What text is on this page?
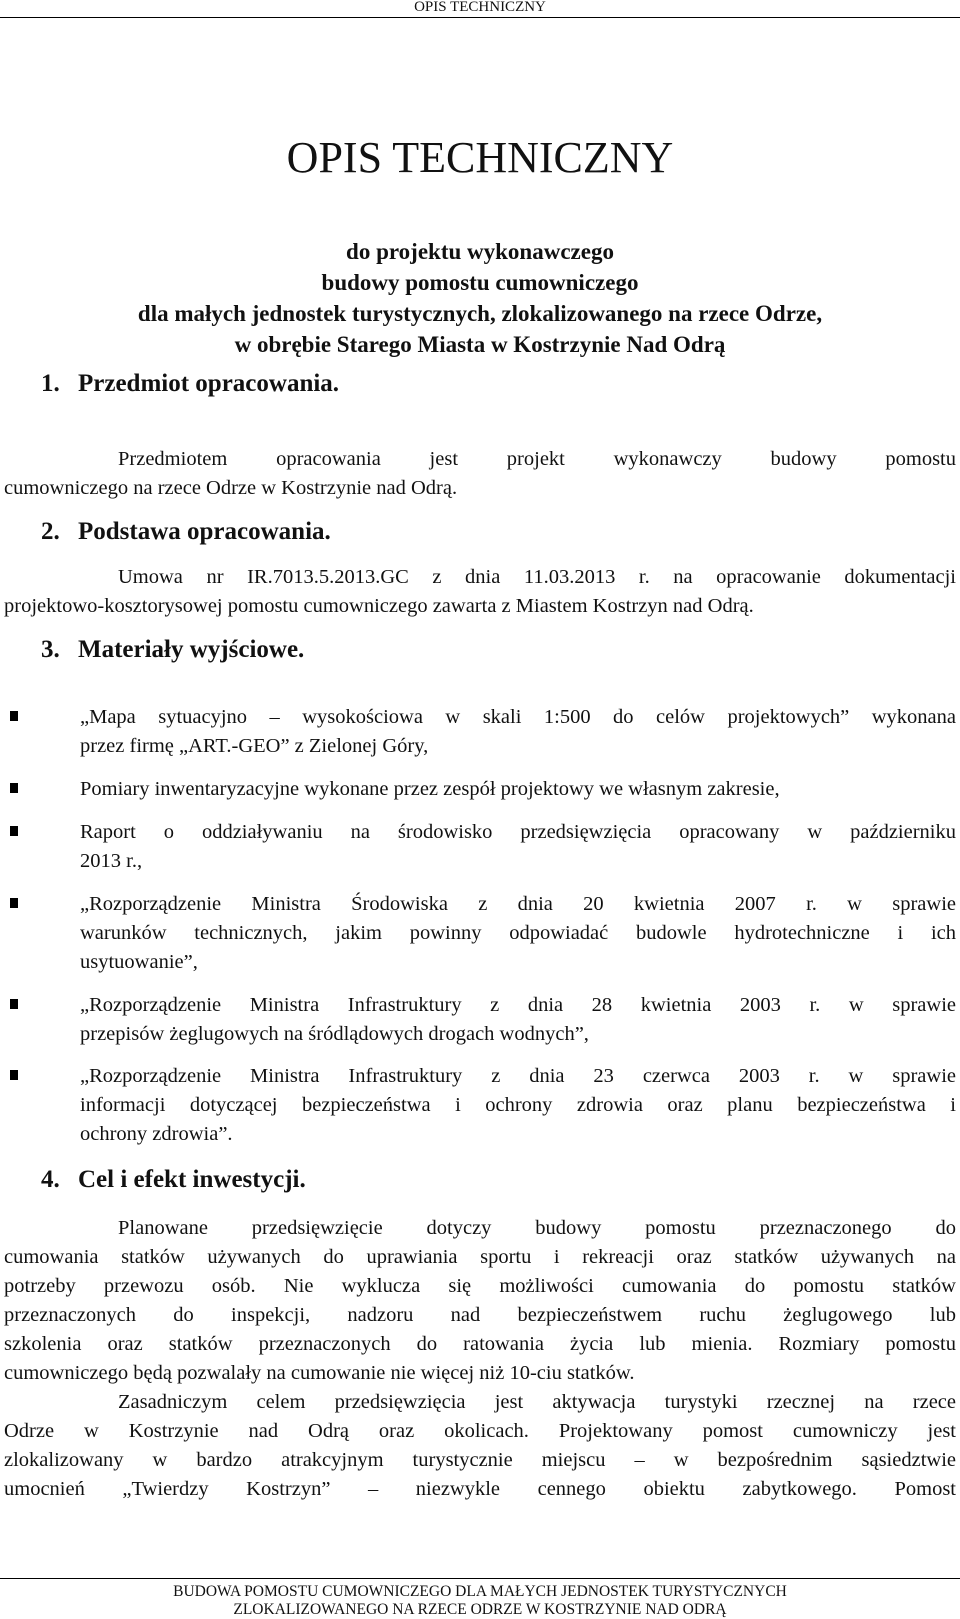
OPIS TECHNICZNY
OPIS TECHNICZNY
do projektu wykonawczego
budowy pomostu cumowniczego
dla małych jednostek turystycznych, zlokalizowanego na rzece Odrze,
w obrębie Starego Miasta w Kostrzynie Nad Odrą
1. Przedmiot opracowania.
Przedmiotem opracowania jest projekt wykonawczy budowy pomostu
cumowniczego na rzece Odrze w Kostrzynie nad Odrą.
2. Podstawa opracowania.
Umowa nr IR.7013.5.2013.GC z dnia 11.03.2013 r. na opracowanie dokumentacji
projektowo-kosztorysowej pomostu cumowniczego zawarta z Miastem Kostrzyn nad Odrą.
3. Materiały wyjściowe.
„Mapa sytuacyjno – wysokościowa w skali 1:500 do celów projektowych” wykonana
przez firmę „ART.-GEO” z Zielonej Góry,
Pomiary inwentaryzacyjne wykonane przez zespół projektowy we własnym zakresie,
Raport o oddziaływaniu na środowisko przedsięwzięcia opracowany w październiku
2013 r.,
„Rozporządzenie Ministra Środowiska z dnia 20 kwietnia 2007 r. w sprawie
warunków technicznych, jakim powinny odpowiadać budowle hydrotechniczne i ich
usytuowanie”,
„Rozporządzenie Ministra Infrastruktury z dnia 28 kwietnia 2003 r. w sprawie
przepisów żeglugowych na śródlądowych drogach wodnych”,
„Rozporządzenie Ministra Infrastruktury z dnia 23 czerwca 2003 r. w sprawie
informacji dotyczącej bezpieczeństwa i ochrony zdrowia oraz planu bezpieczeństwa i
ochrony zdrowia”.
4. Cel i efekt inwestycji.
Planowane przedsięwzięcie dotyczy budowy pomostu przeznaczonego do
cumowania statków używanych do uprawiania sportu i rekreacji oraz statków używanych na
potrzeby przewozu osób. Nie wyklucza się możliwości cumowania do pomostu statków
przeznaczonych do inspekcji, nadzoru nad bezpieczeństwem ruchu żeglugowego lub
szkolenia oraz statków przeznaczonych do ratowania życia lub mienia. Rozmiary pomostu
cumowniczego będą pozwalały na cumowanie nie więcej niż 10-ciu statków.
Zasadniczym celem przedsięwzięcia jest aktywacja turystyki rzecznej na rzece
Odrze w Kostrzynie nad Odrą oraz okolicach. Projektowany pomost cumowniczy jest
zlokalizowany w bardzo atrakcyjnym turystycznie miejscu – w bezpośrednim sąsiedztwie
umocnień „Twierdzy Kostrzyn” – niezwykle cennego obiektu zabytkowego. Pomost
BUDOWA POMOSTU CUMOWNICZEGO DLA MAŁYCH JEDNOSTEK TURYSTYCZNYCH
ZLOKALIZOWANEGO NA RZECE ODRZE W KOSTRZYNIE NAD ODRĄ
